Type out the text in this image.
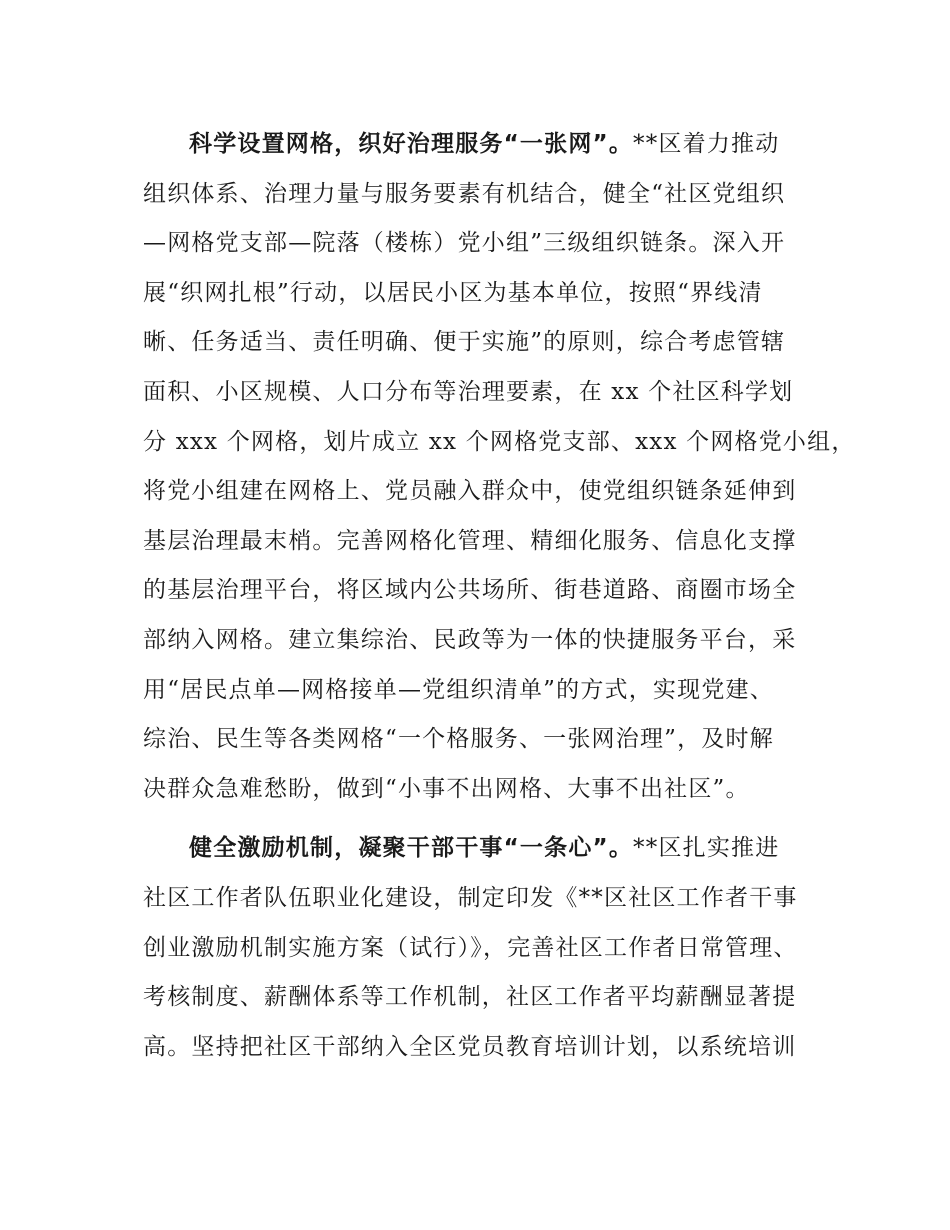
科学设置网格，织好治理服务“一张网”。**区着力推动
组织体系、治理力量与服务要素有机结合，健全“社区党组织
—网格党支部—院落（楼栋）党小组”三级组织链条。深入开
展“织网扎根”行动，以居民小区为基本单位，按照“界线清
晰、任务适当、责任明确、便于实施”的原则，综合考虑管辖
面积、小区规模、人口分布等治理要素，在 xx 个社区科学划
分 xxx 个网格，划片成立 xx 个网格党支部、xxx 个网格党小组，
将党小组建在网格上、党员融入群众中，使党组织链条延伸到
基层治理最末梢。完善网格化管理、精细化服务、信息化支撑
的基层治理平台，将区域内公共场所、街巷道路、商圈市场全
部纳入网格。建立集综治、民政等为一体的快捷服务平台，采
用“居民点单—网格接单—党组织清单”的方式，实现党建、
综治、民生等各类网格“一个格服务、一张网治理”，及时解
决群众急难愁盼，做到“小事不出网格、大事不出社区”。
健全激励机制，凝聚干部干事“一条心”。**区扎实推进
社区工作者队伍职业化建设，制定印发《**区社区工作者干事
创业激励机制实施方案（试行）》，完善社区工作者日常管理、
考核制度、薪酬体系等工作机制，社区工作者平均薪酬显著提
高。坚持把社区干部纳入全区党员教育培训计划，以系统培训
